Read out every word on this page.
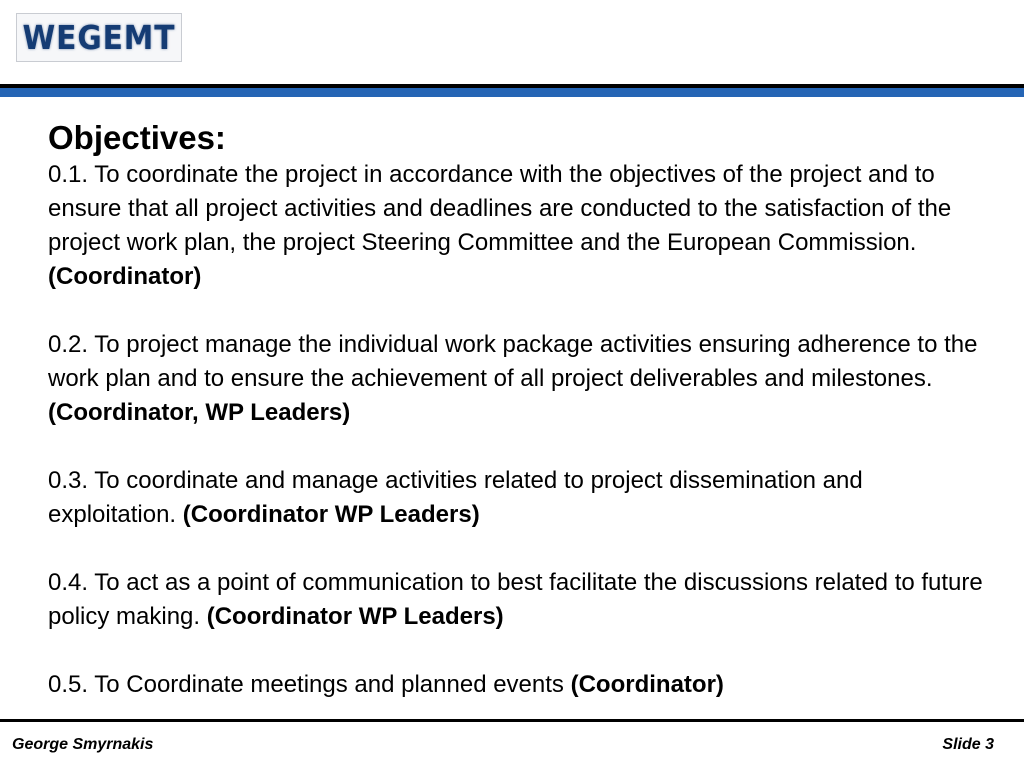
WEGEMT
Objectives:

0.1. To coordinate the project in accordance with the objectives of the project and to ensure that all project activities and deadlines are conducted to the satisfaction of the project work plan, the project Steering Committee and the European Commission. (Coordinator)

0.2. To project manage the individual work package activities ensuring adherence to the work plan and to ensure the achievement of all project deliverables and milestones. (Coordinator, WP Leaders)

0.3. To coordinate and manage activities related to project dissemination and exploitation. (Coordinator WP Leaders)

0.4. To act as a point of communication to best facilitate the discussions related to future policy making. (Coordinator WP Leaders)

0.5. To Coordinate meetings and planned events (Coordinator)

George Smyrnakis	Slide 3
